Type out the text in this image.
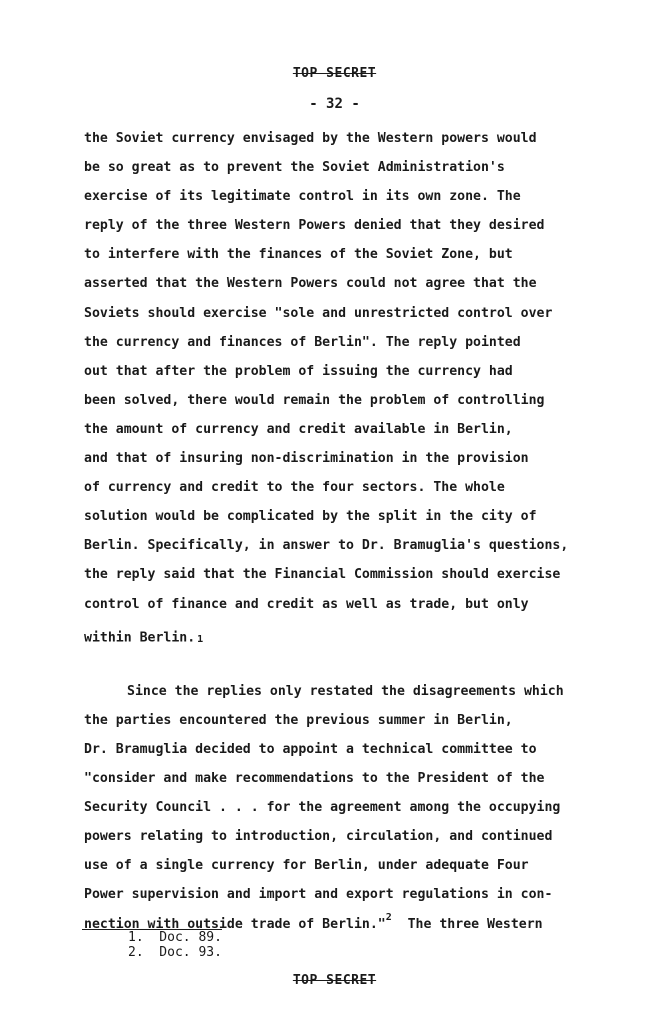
TOP SECRET
- 32 -
the Soviet currency envisaged by the Western powers would
be so great as to prevent the Soviet Administration's
exercise of its legitimate control in its own zone. The
reply of the three Western Powers denied that they desired
to interfere with the finances of the Soviet Zone, but
asserted that the Western Powers could not agree that the
Soviets should exercise "sole and unrestricted control over
the currency and finances of Berlin". The reply pointed
out that after the problem of issuing the currency had
been solved, there would remain the problem of controlling
the amount of currency and credit available in Berlin,
and that of insuring non-discrimination in the provision
of currency and credit to the four sectors. The whole
solution would be complicated by the split in the city of
Berlin. Specifically, in answer to Dr. Bramuglia's questions,
the reply said that the Financial Commission should exercise
control of finance and credit as well as trade, but only
within Berlin. $^1$
Since the replies only restated the disagreements which
the parties encountered the previous summer in Berlin,
Dr. Bramuglia decided to appoint a technical committee to
"consider and make recommendations to the President of the
Security Council . . . for the agreement among the occupying
powers relating to introduction, circulation, and continued
use of a single currency for Berlin, under adequate Four
Power supervision and import and export regulations in con-
nection with outside trade of Berlin."$^2$  The three Western
1.  Doc. 89.
2.  Doc. 93.
TOP SECRET
